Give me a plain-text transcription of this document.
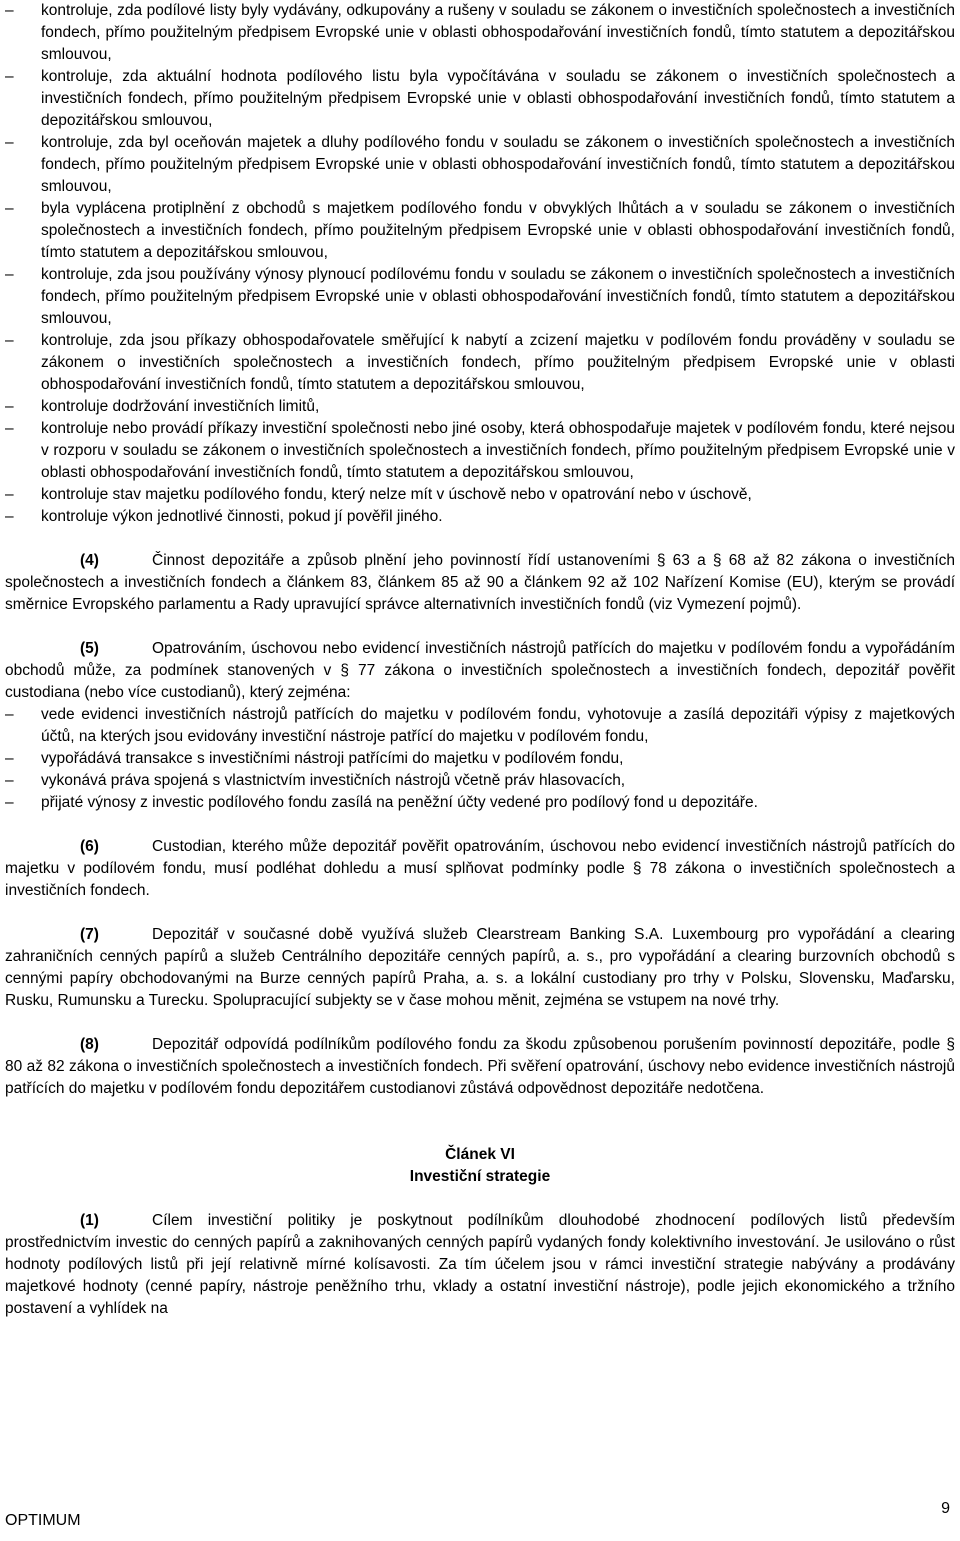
–	kontroluje, zda podílové listy byly vydávány, odkupovány a rušeny v souladu se zákonem o investičních společnostech a investičních fondech, přímo použitelným předpisem Evropské unie v oblasti obhospodařování investičních fondů, tímto statutem a depozitářskou smlouvou,
–	kontroluje, zda aktuální hodnota podílového listu byla vypočítávána v souladu se zákonem o investičních společnostech a investičních fondech, přímo použitelným předpisem Evropské unie v oblasti obhospodařování investičních fondů, tímto statutem a depozitářskou smlouvou,
–	kontroluje, zda byl oceňován majetek a dluhy podílového fondu v souladu se zákonem o investičních společnostech a investičních fondech, přímo použitelným předpisem Evropské unie v oblasti obhospodařování investičních fondů, tímto statutem a depozitářskou smlouvou,
–	byla vyplácena protiplnění z obchodů s majetkem podílového fondu v obvyklých lhůtách a v souladu se zákonem o investičních společnostech a investičních fondech, přímo použitelným předpisem Evropské unie v oblasti obhospodařování investičních fondů, tímto statutem a depozitářskou smlouvou,
–	kontroluje, zda jsou používány výnosy plynoucí podílovému fondu v souladu se zákonem o investičních společnostech a investičních fondech, přímo použitelným předpisem Evropské unie v oblasti obhospodařování investičních fondů, tímto statutem a depozitářskou smlouvou,
–	kontroluje, zda jsou příkazy obhospodařovatele směřující k nabytí a zcizení majetku v podílovém fondu prováděny v souladu se zákonem o investičních společnostech a investičních fondech, přímo použitelným předpisem Evropské unie v oblasti obhospodařování investičních fondů, tímto statutem a depozitářskou smlouvou,
–	kontroluje dodržování investičních limitů,
–	kontroluje nebo provádí příkazy investiční společnosti nebo jiné osoby, která obhospodařuje majetek v podílovém fondu, které nejsou v rozporu v souladu se zákonem o investičních společnostech a investičních fondech, přímo použitelným předpisem Evropské unie v oblasti obhospodařování investičních fondů, tímto statutem a depozitářskou smlouvou,
–	kontroluje stav majetku podílového fondu, který nelze mít v úschově nebo v opatrování nebo v úschově,
–	kontroluje výkon jednotlivé činnosti, pokud jí pověřil jiného.
(4)	Činnost depozitáře a způsob plnění jeho povinností řídí ustanoveními § 63 a § 68 až 82 zákona o investičních společnostech a investičních fondech a článkem 83, článkem 85 až 90 a článkem 92 až 102 Nařízení Komise (EU), kterým se provádí směrnice Evropského parlamentu a Rady upravující správce alternativních investičních fondů (viz Vymezení pojmů).
(5)	Opatrováním, úschovou nebo evidencí investičních nástrojů patřících do majetku v podílovém fondu a vypořádáním obchodů může, za podmínek stanovených v § 77 zákona o investičních společnostech a investičních fondech, depozitář pověřit custodiana (nebo více custodianů), který zejména:
–	vede evidenci investičních nástrojů patřících do majetku v podílovém fondu, vyhotovuje a zasílá depozitáři výpisy z majetkových účtů, na kterých jsou evidovány investiční nástroje patřící do majetku v podílovém fondu,
–	vypořádává transakce s investičními nástroji patřícími do majetku v podílovém fondu,
–	vykonává práva spojená s vlastnictvím investičních nástrojů včetně práv hlasovacích,
–	přijaté výnosy z investic podílového fondu zasílá na peněžní účty vedené pro podílový fond u depozitáře.
(6)	Custodian, kterého může depozitář pověřit opatrováním, úschovou nebo evidencí investičních nástrojů patřících do majetku v podílovém fondu, musí podléhat dohledu a musí splňovat podmínky podle § 78 zákona o investičních společnostech a investičních fondech.
(7)	Depozitář v současné době využívá služeb Clearstream Banking S.A. Luxembourg pro vypořádání a clearing zahraničních cenných papírů a služeb Centrálního depozitáře cenných papírů, a. s., pro vypořádání a clearing burzovních obchodů s cennými papíry obchodovanými na Burze cenných papírů Praha, a. s. a lokální custodiany pro trhy v Polsku, Slovensku, Maďarsku, Rusku, Rumunsku a Turecku. Spolupracující subjekty se v čase mohou měnit, zejména se vstupem na nové trhy.
(8)	Depozitář odpovídá podílníkům podílového fondu za škodu způsobenou porušením povinností depozitáře, podle § 80 až 82 zákona o investičních společnostech a investičních fondech. Při svěření opatrování, úschovy nebo evidence investičních nástrojů patřících do majetku v podílovém fondu depozitářem custodianovi zůstává odpovědnost depozitáře nedotčena.
Článek VI
Investiční strategie
(1)	Cílem investiční politiky je poskytnout podílníkům dlouhodobé zhodnocení podílových listů především prostřednictvím investic do cenných papírů a zaknihovaných cenných papírů vydaných fondy kolektivního investování. Je usilováno o růst hodnoty podílových listů při její relativně mírné kolísavosti. Za tím účelem jsou v rámci investiční strategie nabývány a prodávány majetkové hodnoty (cenné papíry, nástroje peněžního trhu, vklady a ostatní investiční nástroje), podle jejich ekonomického a tržního postavení a vyhlídek na
OPTIMUM
9
